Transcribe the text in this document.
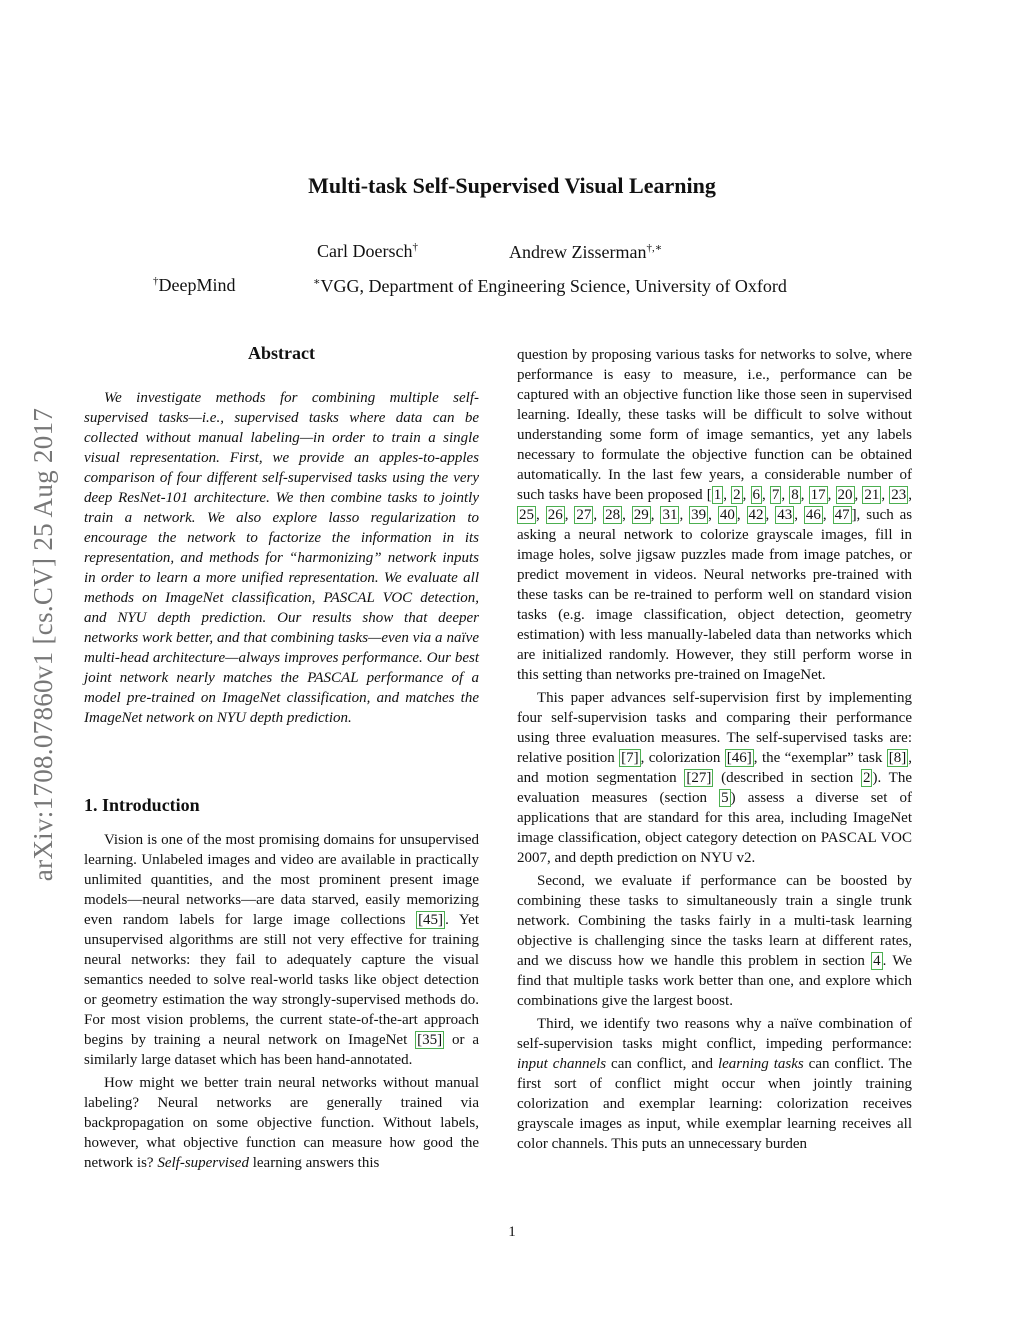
arXiv:1708.07860v1 [cs.CV] 25 Aug 2017
Multi-task Self-Supervised Visual Learning
Carl Doersch†	Andrew Zisserman†,∗
†DeepMind	∗VGG, Department of Engineering Science, University of Oxford
Abstract
We investigate methods for combining multiple self-supervised tasks—i.e., supervised tasks where data can be collected without manual labeling—in order to train a single visual representation. First, we provide an apples-to-apples comparison of four different self-supervised tasks using the very deep ResNet-101 architecture. We then combine tasks to jointly train a network. We also explore lasso regularization to encourage the network to factorize the information in its representation, and methods for “harmonizing” network inputs in order to learn a more unified representation. We evaluate all methods on ImageNet classification, PASCAL VOC detection, and NYU depth prediction. Our results show that deeper networks work better, and that combining tasks—even via a naïve multi-head architecture—always improves performance. Our best joint network nearly matches the PASCAL performance of a model pre-trained on ImageNet classification, and matches the ImageNet network on NYU depth prediction.
1. Introduction

Vision is one of the most promising domains for unsupervised learning. Unlabeled images and video are available in practically unlimited quantities, and the most prominent present image models—neural networks—are data starved, easily memorizing even random labels for large image collections [45] . Yet unsupervised algorithms are still not very effective for training neural networks: they fail to adequately capture the visual semantics needed to solve real-world tasks like object detection or geometry estimation the way strongly-supervised methods do. For most vision problems, the current state-of-the-art approach begins by training a neural network on ImageNet [35] or a similarly large dataset which has been hand-annotated.

How might we better train neural networks without manual labeling? Neural networks are generally trained via backpropagation on some objective function. Without labels, however, what objective function can measure how good the network is? Self-supervised learning answers this

question by proposing various tasks for networks to solve, where performance is easy to measure, i.e., performance can be captured with an objective function like those seen in supervised learning. Ideally, these tasks will be difficult to solve without understanding some form of image semantics, yet any labels necessary to formulate the objective function can be obtained automatically. In the last few years, a considerable number of such tasks have been proposed [ 1 , 2 , 6 , 7 , 8 , 17 , 20 , 21 , 23 , 25 , 26 , 27 , 28 , 29 , 31 , 39 , 40 , 42 , 43 , 46 , 47 ], such as asking a neural network to colorize grayscale images, fill in image holes, solve jigsaw puzzles made from image patches, or predict movement in videos. Neural networks pre-trained with these tasks can be re-trained to perform well on standard vision tasks (e.g. image classification, object detection, geometry estimation) with less manually-labeled data than networks which are initialized randomly. However, they still perform worse in this setting than networks pre-trained on ImageNet.

This paper advances self-supervision first by implementing four self-supervision tasks and comparing their performance using three evaluation measures. The self-supervised tasks are: relative position [7] , colorization [46] , the “exemplar” task [8] , and motion segmentation [27] (described in section 2 ). The evaluation measures (section 5 ) assess a diverse set of applications that are standard for this area, including ImageNet image classification, object category detection on PASCAL VOC 2007, and depth prediction on NYU v2.

Second, we evaluate if performance can be boosted by combining these tasks to simultaneously train a single trunk network. Combining the tasks fairly in a multi-task learning objective is challenging since the tasks learn at different rates, and we discuss how we handle this problem in section 4 . We find that multiple tasks work better than one, and explore which combinations give the largest boost.

Third, we identify two reasons why a naïve combination of self-supervision tasks might conflict, impeding performance: input channels can conflict, and learning tasks can conflict. The first sort of conflict might occur when jointly training colorization and exemplar learning: colorization receives grayscale images as input, while exemplar learning receives all color channels. This puts an unnecessary burden

1
